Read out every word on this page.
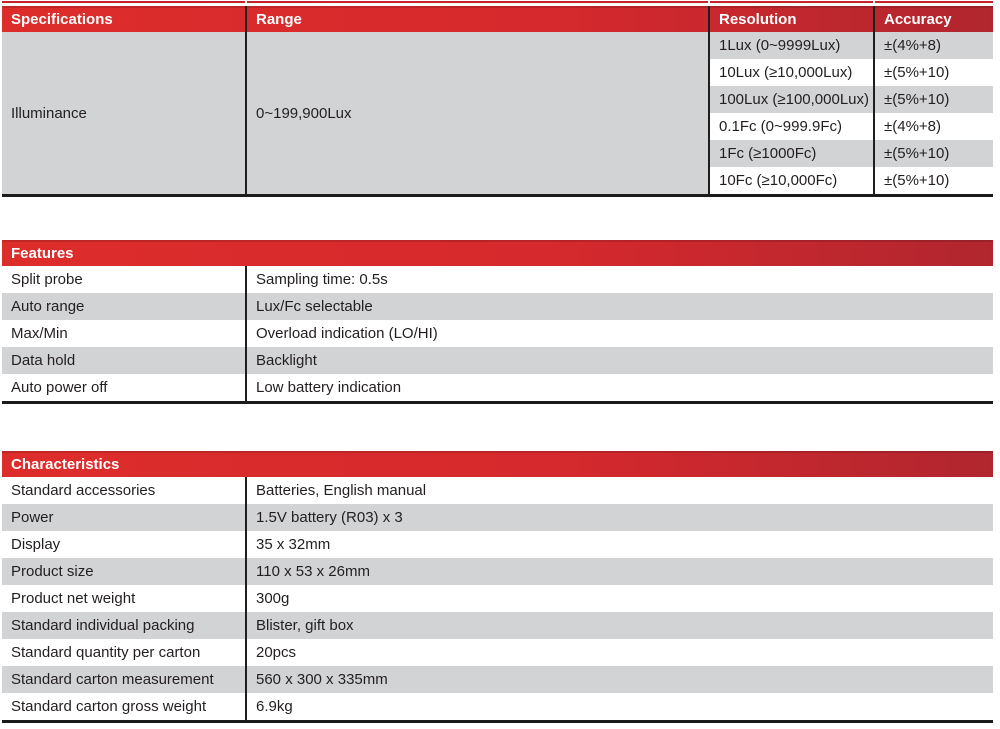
Specifications	Range	Resolution	Accuracy
Illuminance	0~199,900Lux
1Lux (0~9999Lux)	±(4%+8)
10Lux (≥10,000Lux)	±(5%+10)
100Lux (≥100,000Lux) ±(5%+10)
0.1Fc (0~999.9Fc)	±(4%+8)
1Fc (≥1000Fc)	±(5%+10)
10Fc (≥10,000Fc)	±(5%+10)
Features
Split probe	Sampling time: 0.5s
Auto range	Lux/Fc selectable
Max/Min	Overload indication (LO/HI)
Data hold	Backlight
Auto power off	Low battery indication
Characteristics
Standard accessories	Batteries, English manual
Power	1.5V battery (R03) x 3
Display	35 x 32mm
Product size	110 x 53 x 26mm
Product net weight	300g
Standard individual packing	Blister, gift box
Standard quantity per carton	20pcs
Standard carton measurement	560 x 300 x 335mm
Standard carton gross weight	6.9kg
